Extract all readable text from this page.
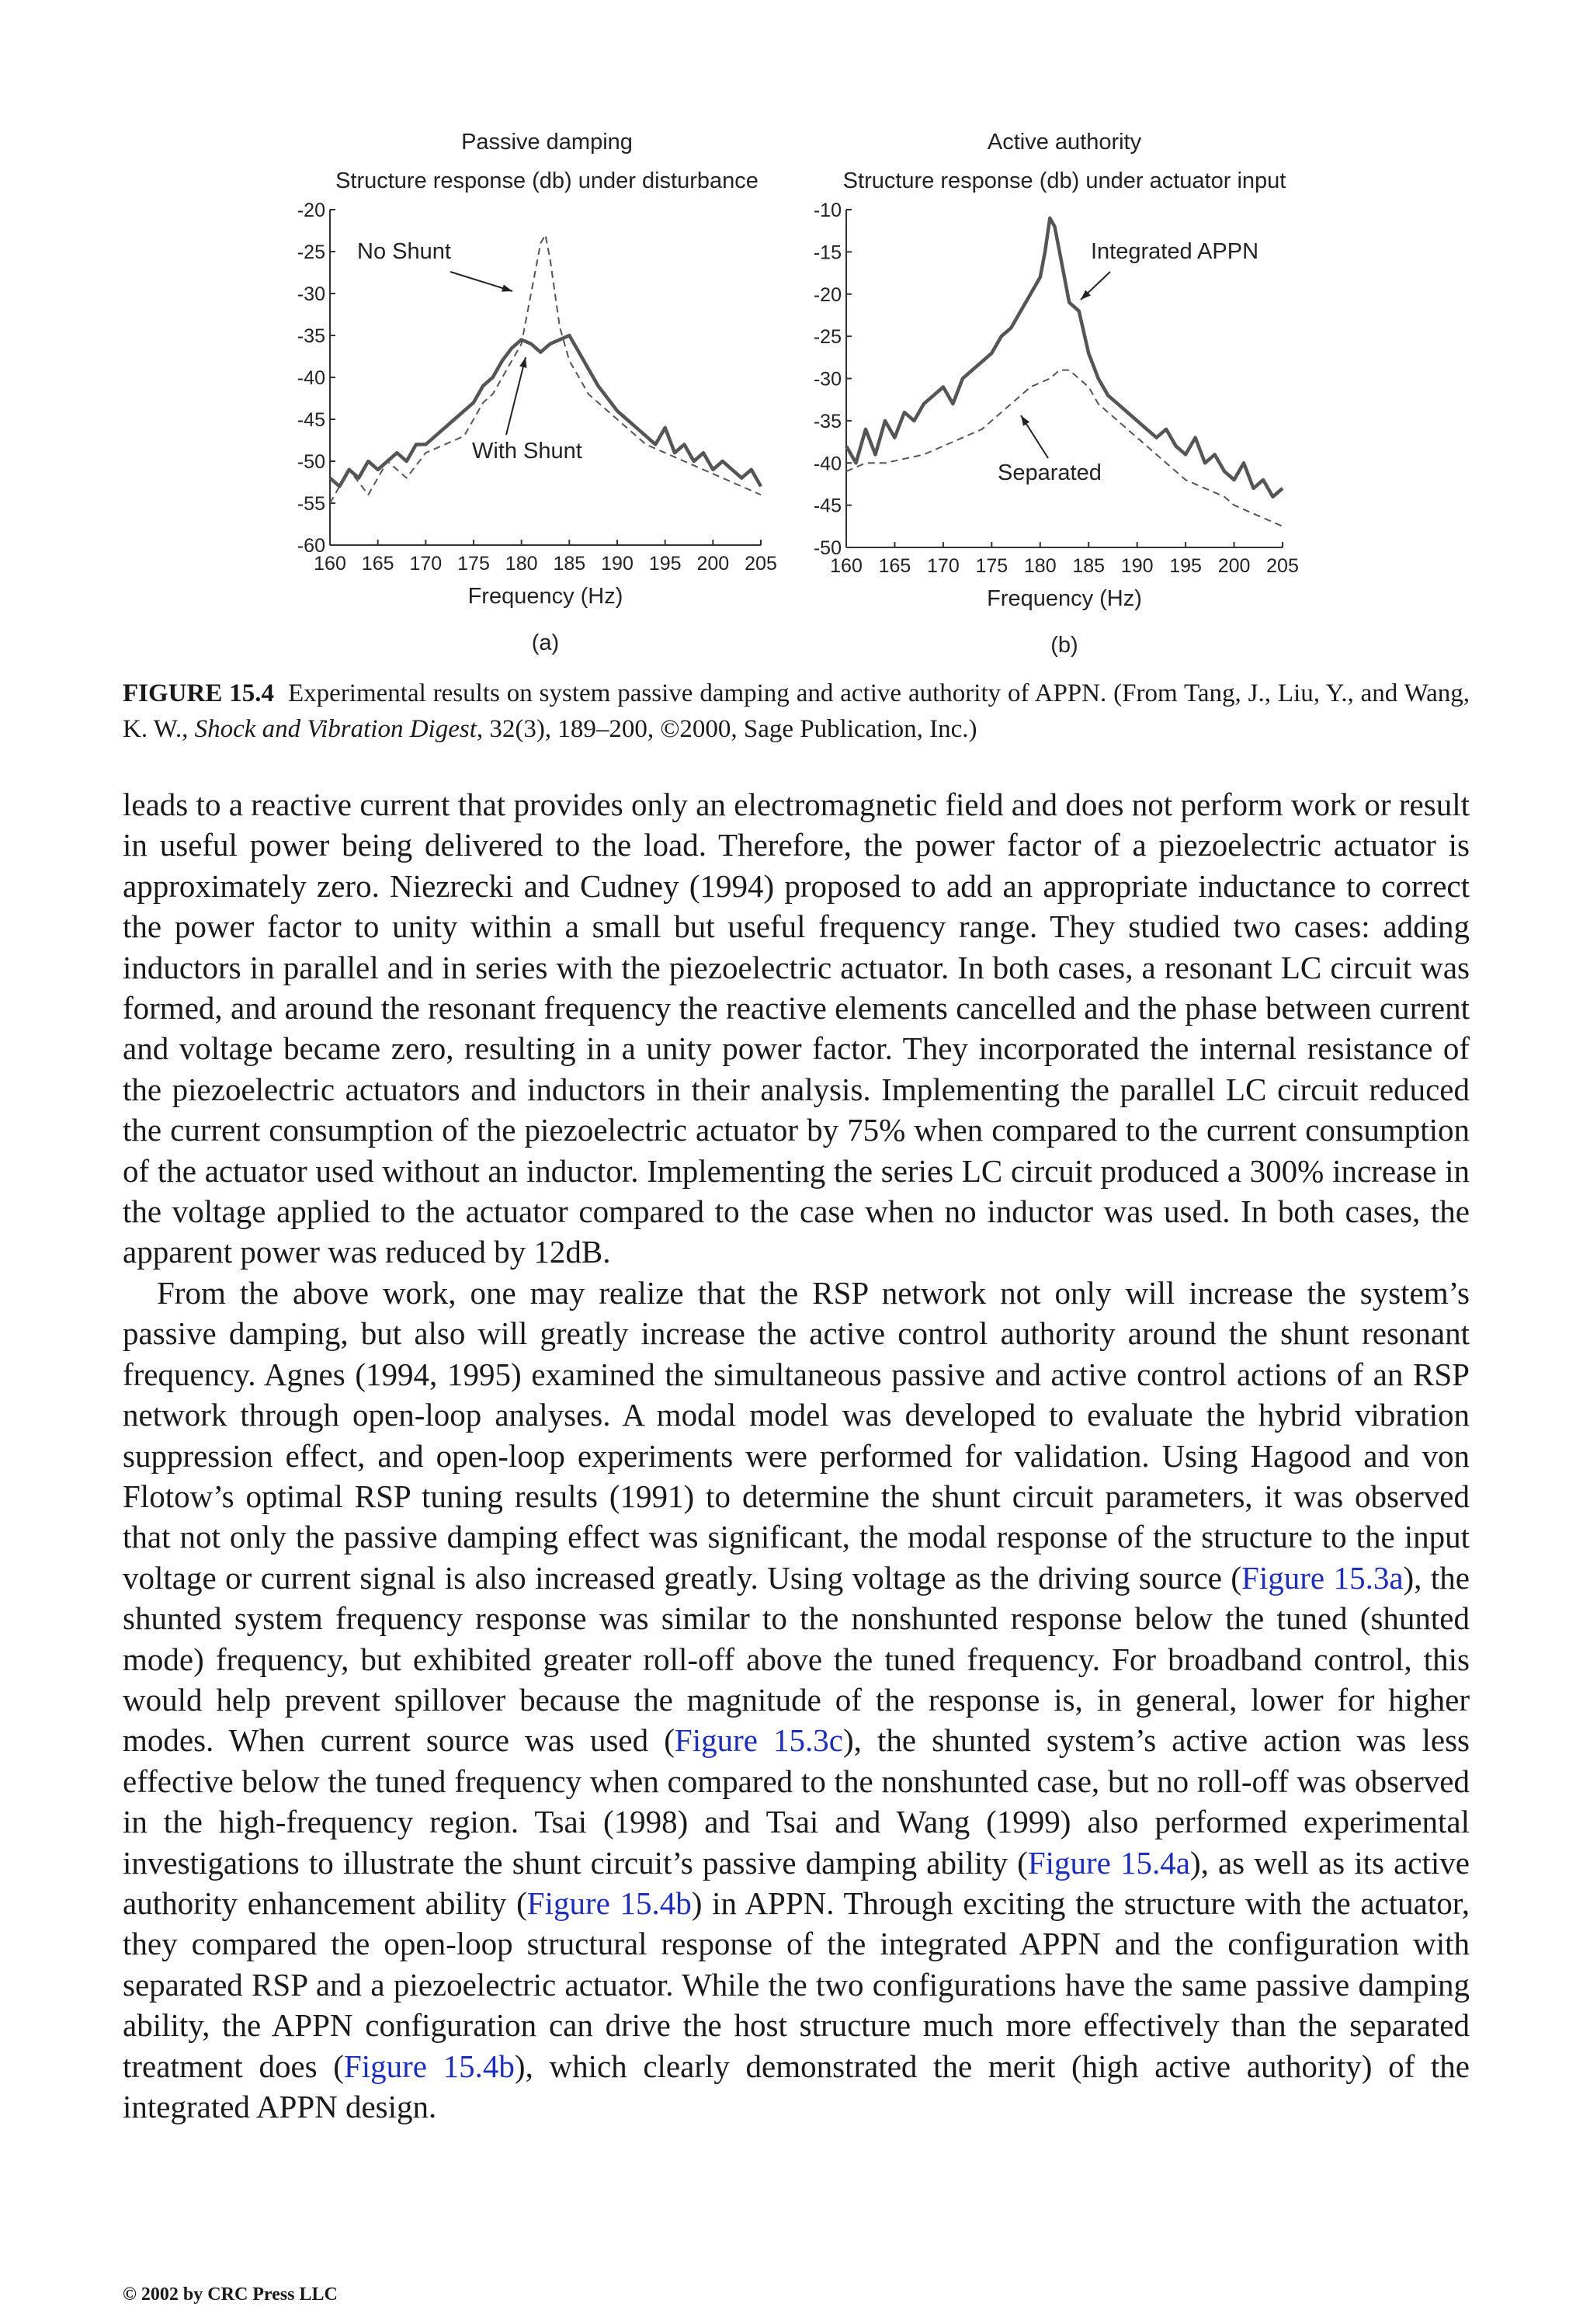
Passive damping
Structure response (db) under disturbance
-20
-25
-30
-35
-40
-45
-50
-55
-60
160 165 170 175 180 185 190 195 200 205
Frequency (Hz)
(a)
No Shunt
With Shunt
Active authority
Structure response (db) under actuator input
-10
-15
-20
-25
-30
-35
-40
-45
-50
160 165 170 175 180 185 190 195 200 205
Frequency (Hz)
(b)
Integrated APPN
Separated
FIGURE 15.4 Experimental results on system passive damping and active authority of APPN. (From Tang, J., Liu, Y., and Wang, K. W., Shock and Vibration Digest, 32(3), 189–200, ©2000, Sage Publication, Inc.)

leads to a reactive current that provides only an electromagnetic field and does not perform work or result in useful power being delivered to the load. Therefore, the power factor of a piezoelectric actuator is approximately zero. Niezrecki and Cudney (1994) proposed to add an appropriate inductance to correct the power factor to unity within a small but useful frequency range. They studied two cases: adding inductors in parallel and in series with the piezoelectric actuator. In both cases, a resonant LC circuit was formed, and around the resonant frequency the reactive elements cancelled and the phase between current and voltage became zero, resulting in a unity power factor. They incorporated the internal resistance of the piezoelectric actuators and inductors in their analysis. Implementing the parallel LC circuit reduced the current consumption of the piezoelectric actuator by 75% when compared to the current consumption of the actuator used without an inductor. Implementing the series LC circuit produced a 300% increase in the voltage applied to the actuator compared to the case when no inductor was used. In both cases, the apparent power was reduced by 12dB.

From the above work, one may realize that the RSP network not only will increase the system’s passive damping, but also will greatly increase the active control authority around the shunt resonant frequency. Agnes (1994, 1995) examined the simultaneous passive and active control actions of an RSP network through open-loop analyses. A modal model was developed to evaluate the hybrid vibration suppression effect, and open-loop experiments were performed for validation. Using Hagood and von Flotow’s optimal RSP tuning results (1991) to determine the shunt circuit parameters, it was observed that not only the passive damping effect was significant, the modal response of the structure to the input voltage or current signal is also increased greatly. Using voltage as the driving source (Figure 15.3a), the shunted system frequency response was similar to the nonshunted response below the tuned (shunted mode) frequency, but exhibited greater roll-off above the tuned frequency. For broadband control, this would help prevent spillover because the magnitude of the response is, in general, lower for higher modes. When current source was used (Figure 15.3c), the shunted system’s active action was less effective below the tuned frequency when compared to the nonshunted case, but no roll-off was observed in the high-frequency region. Tsai (1998) and Tsai and Wang (1999) also performed experimental investigations to illustrate the shunt circuit’s passive damping ability (Figure 15.4a), as well as its active authority enhancement ability (Figure 15.4b) in APPN. Through exciting the structure with the actuator, they compared the open-loop structural response of the integrated APPN and the configuration with separated RSP and a piezoelectric actuator. While the two configurations have the same passive damping ability, the APPN configuration can drive the host structure much more effectively than the separated treatment does (Figure 15.4b), which clearly demonstrated the merit (high active authority) of the integrated APPN design.

© 2002 by CRC Press LLC
